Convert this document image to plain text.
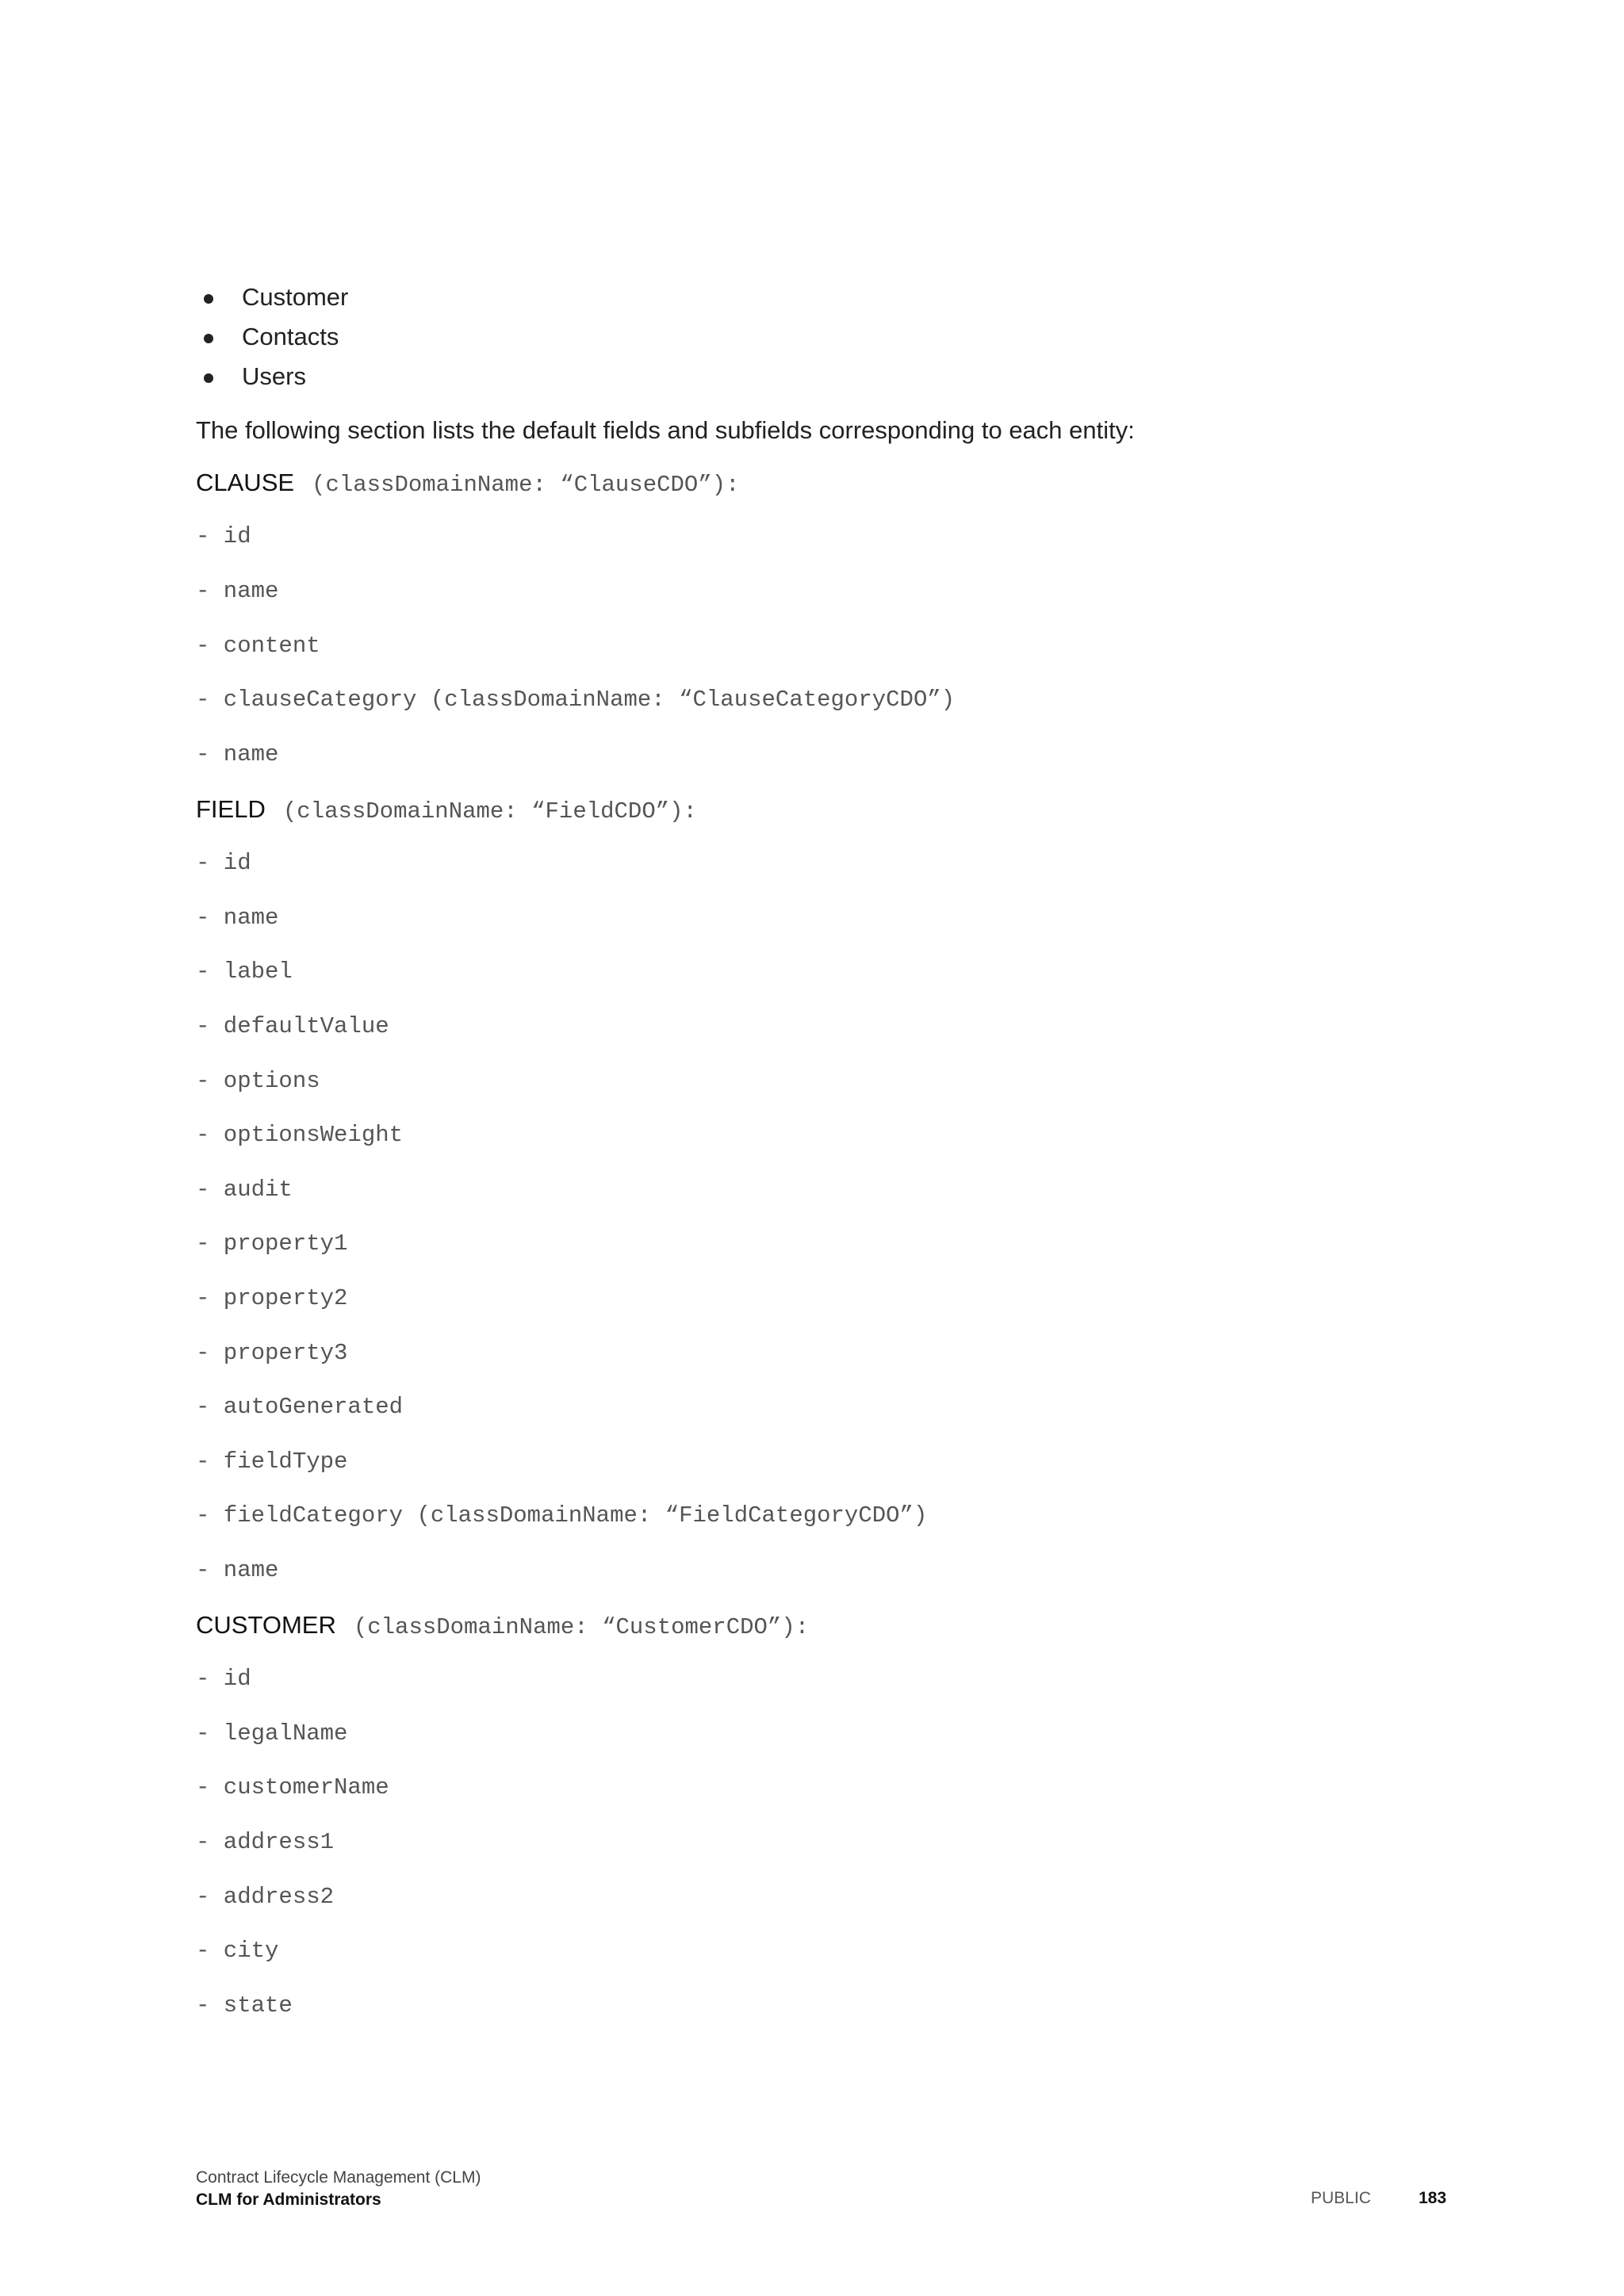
Customer
Contacts
Users
The following section lists the default fields and subfields corresponding to each entity:
CLAUSE (classDomainName: “ClauseCDO”):
- id
- name
- content
- clauseCategory (classDomainName: “ClauseCategoryCDO”)
- name
FIELD (classDomainName: “FieldCDO”):
- id
- name
- label
- defaultValue
- options
- optionsWeight
- audit
- property1
- property2
- property3
- autoGenerated
- fieldType
- fieldCategory (classDomainName: “FieldCategoryCDO”)
- name
CUSTOMER (classDomainName: “CustomerCDO”):
- id
- legalName
- customerName
- address1
- address2
- city
- state
Contract Lifecycle Management (CLM)
CLM for Administrators	PUBLIC	183
